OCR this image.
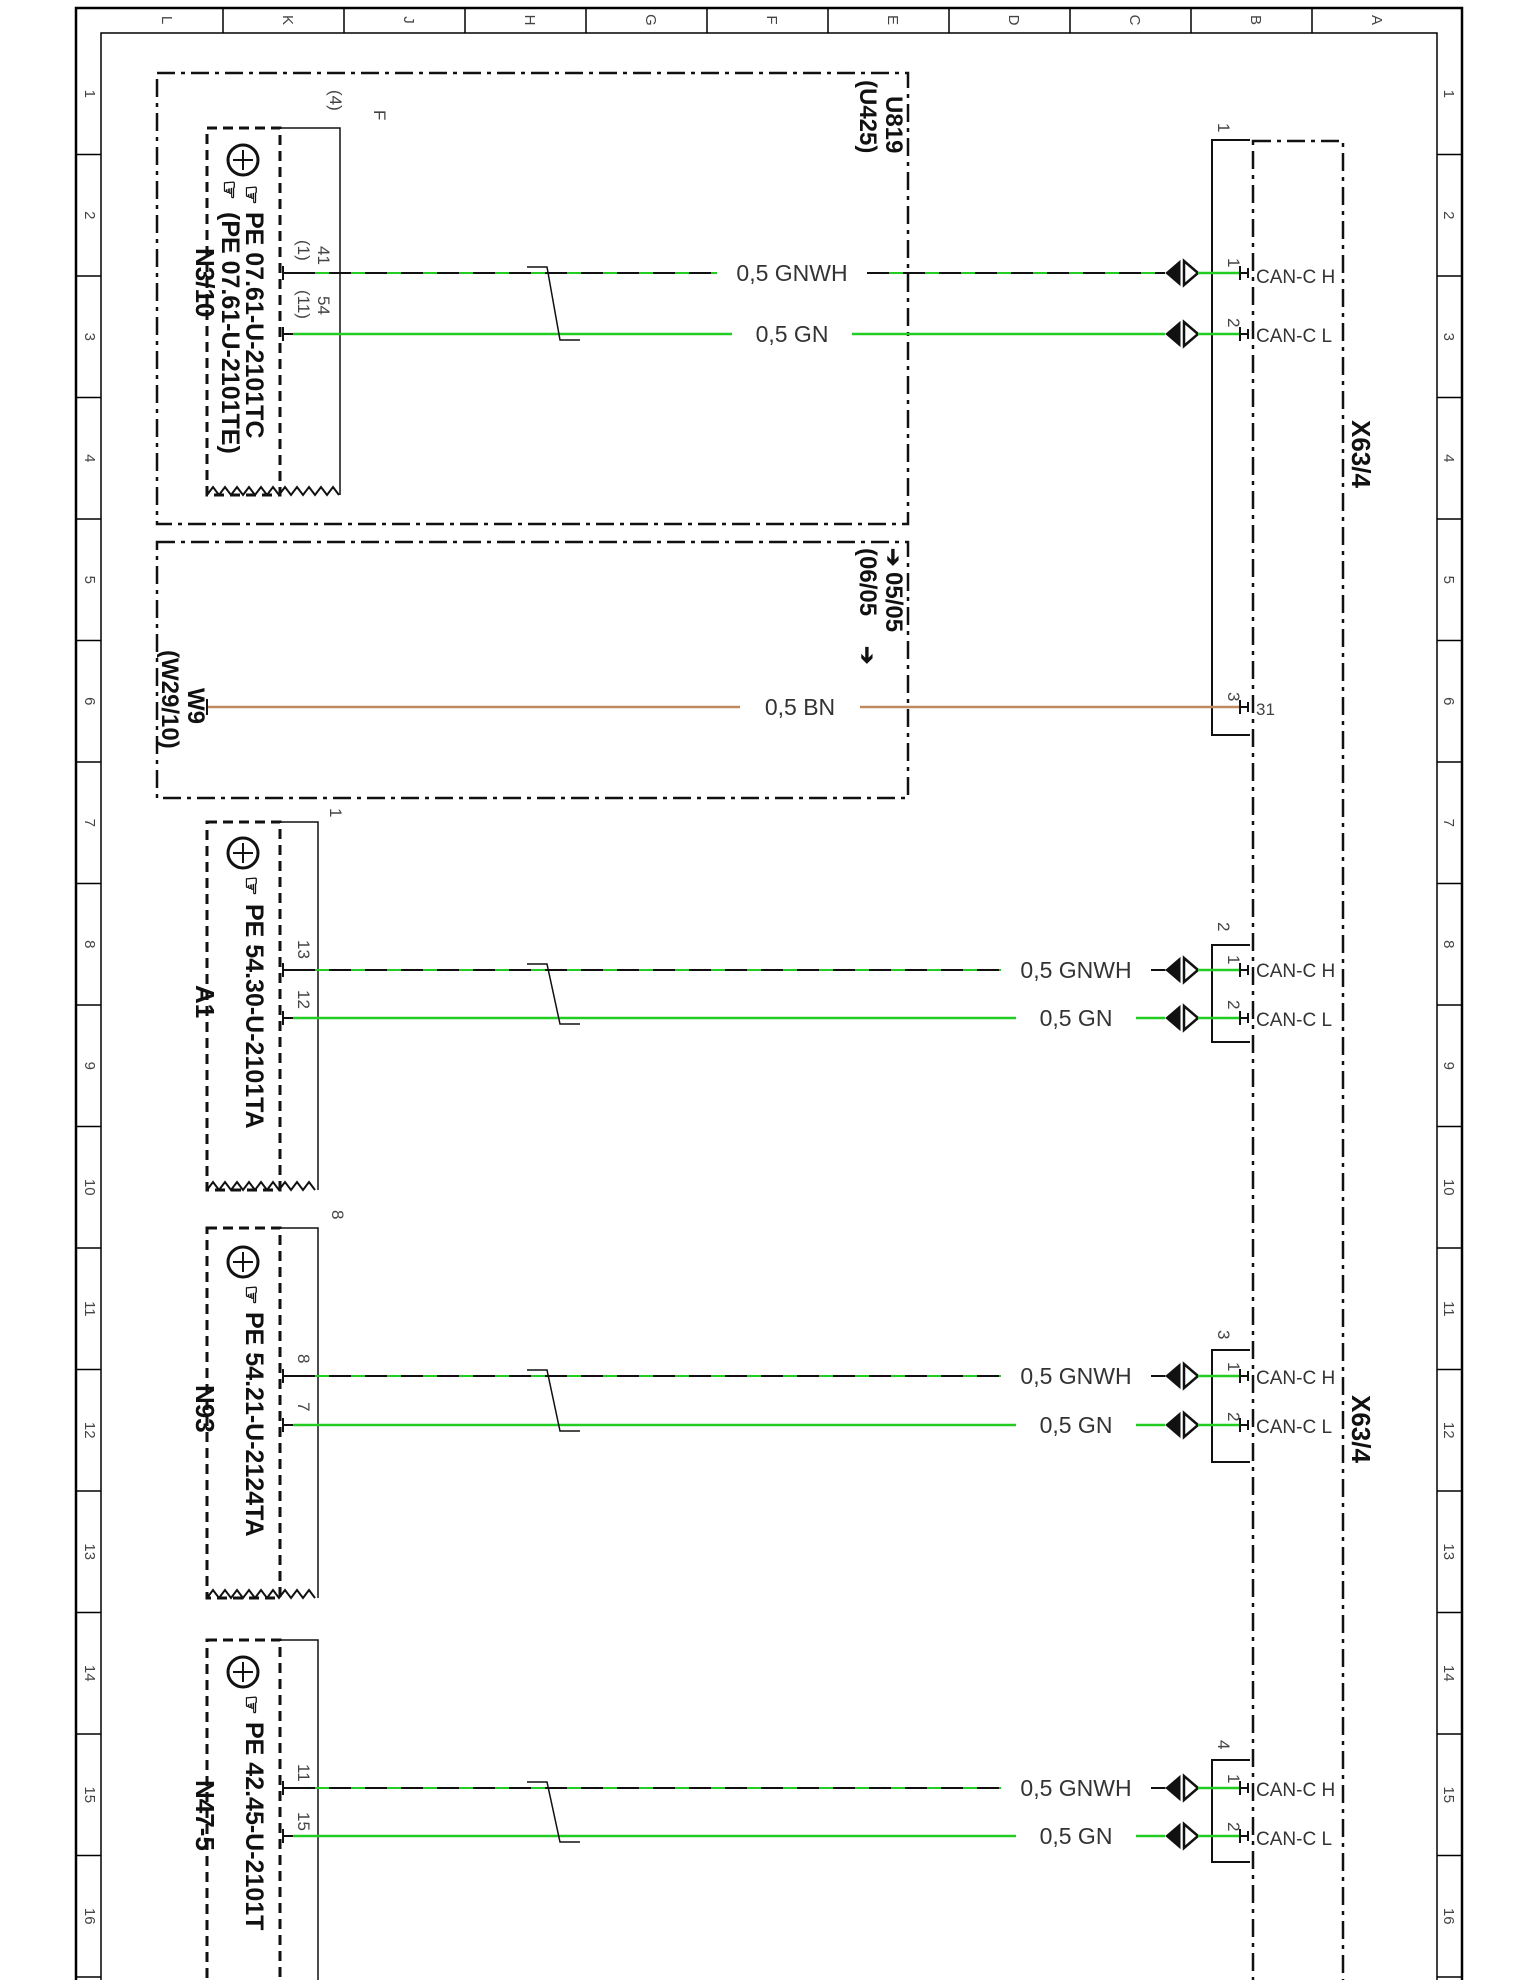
L	K	J	H	G	F	E	D	C	B	A
1	1
2	2
3	3
4	4
5	5
6	6
7	7
8	8
9	9
10	10
11	11
12	12
13	13
14	14
15	15
16	16
U819
(U425)
(4)
F
05/05
(06/05 ➔
➔
W9
(W29/10)
X63/4
X63/4
1
1
2
3
CAN-C H
CAN-C L
31
2
1
2
CAN-C H
CAN-C L
3
1
2
CAN-C H
CAN-C L
4
1
2
CAN-C H
CAN-C L
☞
☞
PE 07.61-U-2101TC
(PE 07.61-U-2101TE)
N3/10	41
54
(1)
(11)
☞
PE 54.30-U-2101TA
A1
1
13
12
☞
PE 54.21-U-2124TA
N93
8
8
7
☞
PE 42.45-U-2101T
N47-5
11
15
0,5 GNWH
0,5 GN
0,5 GNWH
0,5 GN
0,5 GNWH
0,5 GN
0,5 GNWH
0,5 GN
0,5 BN
